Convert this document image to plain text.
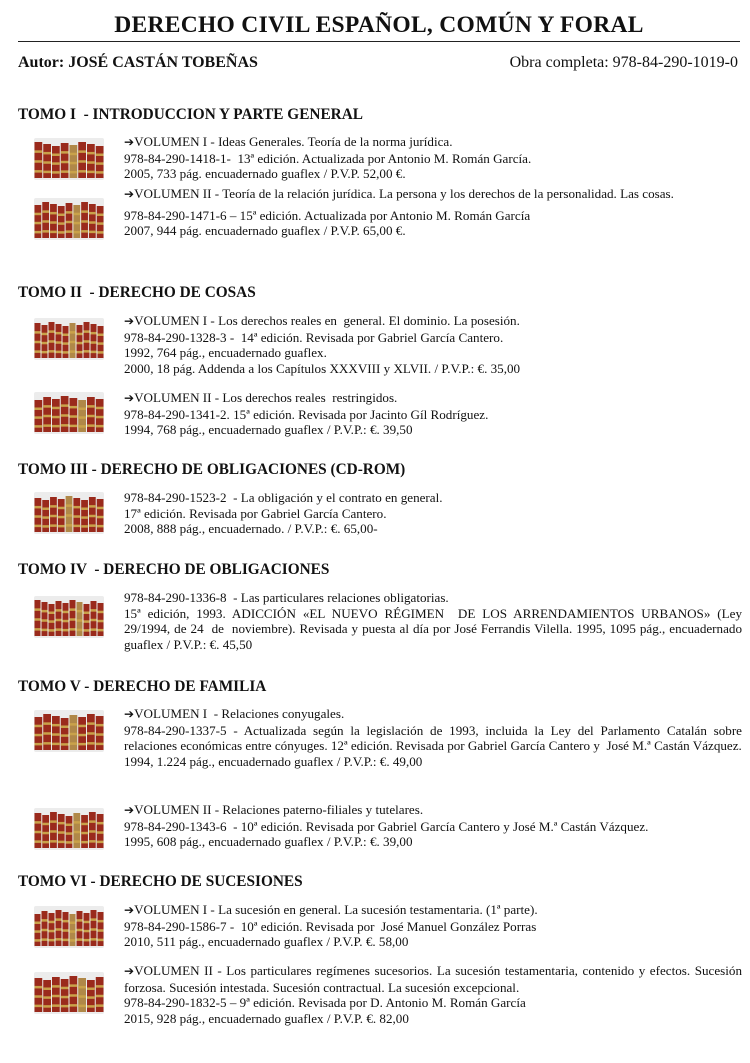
DERECHO CIVIL ESPAÑOL, COMÚN Y FORAL
Autor: JOSÉ CASTÁN TOBEÑAS	Obra completa: 978-84-290-1019-0
TOMO I  - INTRODUCCION Y PARTE GENERAL
➔VOLUMEN I - Ideas Generales. Teoría de la norma jurídica.
978-84-290-1418-1-  13ª edición. Actualizada por Antonio M. Román García.
2005, 733 pág. encuadernado guaflex / P.V.P. 52,00 €.
➔VOLUMEN II - Teoría de la relación jurídica. La persona y los derechos de la personalidad. Las cosas.
978-84-290-1471-6 – 15ª edición. Actualizada por Antonio M. Román García
2007, 944 pág. encuadernado guaflex / P.V.P. 65,00 €.
TOMO II  - DERECHO DE COSAS
➔VOLUMEN I - Los derechos reales en  general. El dominio. La posesión.
978-84-290-1328-3 -  14ª edición. Revisada por Gabriel García Cantero.
1992, 764 pág., encuadernado guaflex.
2000, 18 pág. Addenda a los Capítulos XXXVIII y XLVII. / P.V.P.: €. 35,00
➔VOLUMEN II - Los derechos reales  restringidos.
978-84-290-1341-2. 15ª edición. Revisada por Jacinto Gíl Rodríguez.
1994, 768 pág., encuadernado guaflex / P.V.P.: €. 39,50
TOMO III - DERECHO DE OBLIGACIONES (CD-ROM)
978-84-290-1523-2  - La obligación y el contrato en general.
17ª edición. Revisada por Gabriel García Cantero.
2008, 888 pág., encuadernado. / P.V.P.: €. 65,00-
TOMO IV  - DERECHO DE OBLIGACIONES
978-84-290-1336-8  - Las particulares relaciones obligatorias.
15ª edición, 1993. ADICCIÓN «EL NUEVO RÉGIMEN  DE LOS ARRENDAMIENTOS URBANOS» (Ley 29/1994, de 24  de  noviembre). Revisada y puesta al día por José Ferrandis Vilella. 1995, 1095 pág., encuadernado guaflex / P.V.P.: €. 45,50
TOMO V - DERECHO DE FAMILIA
➔VOLUMEN I  - Relaciones conyugales.
978-84-290-1337-5 - Actualizada según la legislación de 1993, incluida la Ley del Parlamento Catalán sobre relaciones económicas entre cónyuges. 12ª edición. Revisada por Gabriel García Cantero y  José M.ª Castán Vázquez.
1994, 1.224 pág., encuadernado guaflex / P.V.P.: €. 49,00
➔VOLUMEN II - Relaciones paterno-filiales y tutelares.
978-84-290-1343-6  - 10ª edición. Revisada por Gabriel García Cantero y José M.ª Castán Vázquez.
1995, 608 pág., encuadernado guaflex / P.V.P.: €. 39,00
TOMO VI - DERECHO DE SUCESIONES
➔VOLUMEN I - La sucesión en general. La sucesión testamentaria. (1ª parte).
978-84-290-1586-7 -  10ª edición. Revisada por  José Manuel González Porras
2010, 511 pág., encuadernado guaflex / P.V.P. €. 58,00
➔VOLUMEN II - Los particulares regímenes sucesorios. La sucesión testamentaria, contenido y efectos. Sucesión forzosa. Sucesión intestada. Sucesión contractual. La sucesión excepcional.
978-84-290-1832-5 – 9ª edición. Revisada por D. Antonio M. Román García
2015, 928 pág., encuadernado guaflex / P.V.P. €. 82,00
